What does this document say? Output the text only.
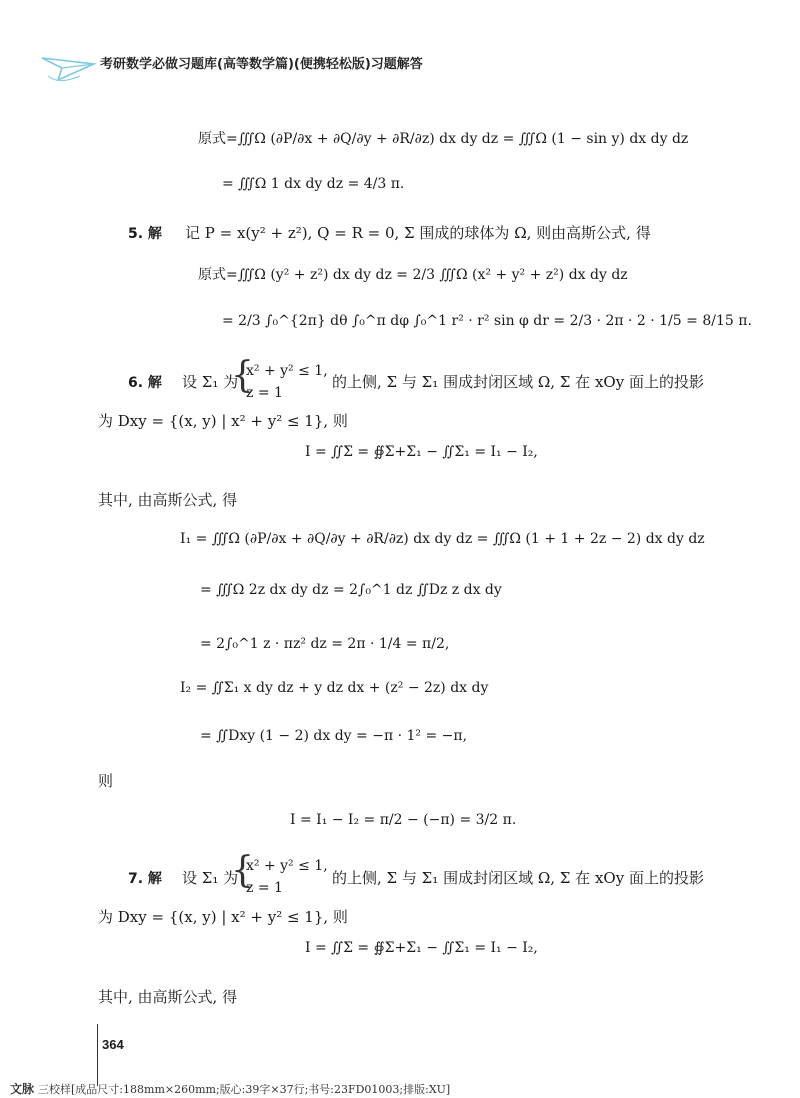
考研数学必做习题库(高等数学篇)(便携轻松版)习题解答
原式=∭Ω (∂P/∂x + ∂Q/∂y + ∂R/∂z) dx dy dz = ∭Ω (1 − sin y) dx dy dz
= ∭Ω 1 dx dy dz = 4/3 π.
5. 解 记 P = x(y² + z²), Q = R = 0, Σ 围成的球体为 Ω, 则由高斯公式, 得
原式=∭Ω (y² + z²) dx dy dz = 2/3 ∭Ω (x² + y² + z²) dx dy dz
= 2/3 ∫₀^{2π} dθ ∫₀^π dφ ∫₀^1 r² · r² sin φ dr = 2/3 · 2π · 2 · 1/5 = 8/15 π.
6. 解 设 Σ₁ 为
{
x² + y² ≤ 1,
z = 1
的上侧, Σ 与 Σ₁ 围成封闭区域 Ω, Σ 在 xOy 面上的投影
为 Dxy = {(x, y) | x² + y² ≤ 1}, 则
I = ∬Σ = ∯Σ+Σ₁ − ∬Σ₁ = I₁ − I₂,
其中, 由高斯公式, 得
I₁ = ∭Ω (∂P/∂x + ∂Q/∂y + ∂R/∂z) dx dy dz = ∭Ω (1 + 1 + 2z − 2) dx dy dz
= ∭Ω 2z dx dy dz = 2∫₀^1 dz ∬Dz z dx dy
= 2∫₀^1 z · πz² dz = 2π · 1/4 = π/2,
I₂ = ∬Σ₁ x dy dz + y dz dx + (z² − 2z) dx dy
= ∬Dxy (1 − 2) dx dy = −π · 1² = −π,
则
I = I₁ − I₂ = π/2 − (−π) = 3/2 π.
7. 解 设 Σ₁ 为
{
x² + y² ≤ 1,
z = 1
的上侧, Σ 与 Σ₁ 围成封闭区域 Ω, Σ 在 xOy 面上的投影
为 Dxy = {(x, y) | x² + y² ≤ 1}, 则
I = ∬Σ = ∯Σ+Σ₁ − ∬Σ₁ = I₁ − I₂,
其中, 由高斯公式, 得
364
文脉 三校样[成品尺寸:188mm×260mm;版心:39字×37行;书号:23FD01003;排版:XU]
